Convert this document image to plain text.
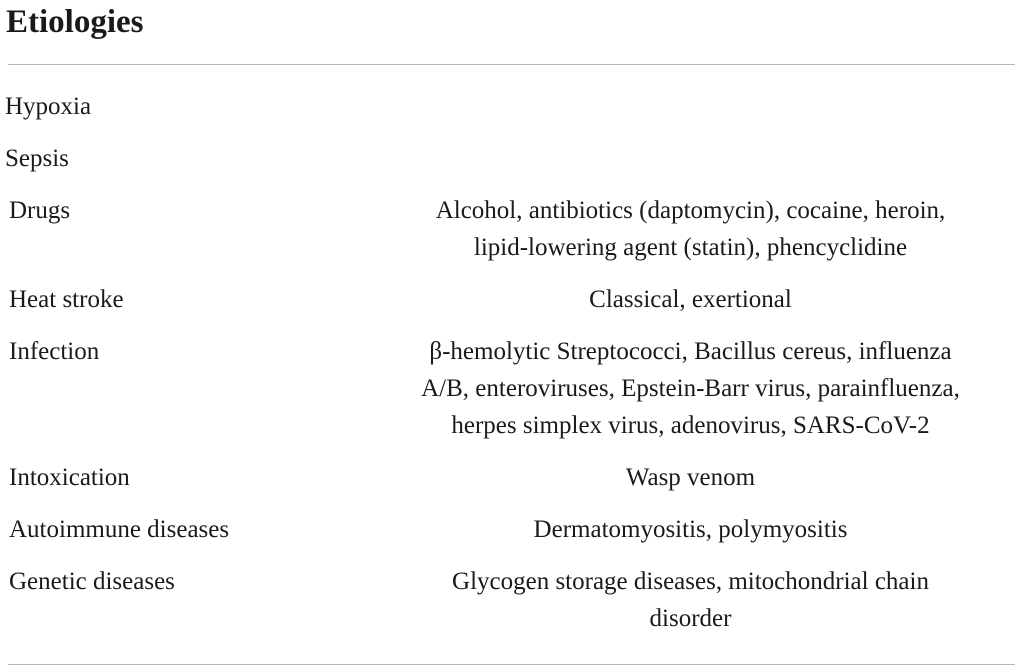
Etiologies
Hypoxia
Sepsis
Drugs	Alcohol, antibiotics (daptomycin), cocaine, heroin,
lipid-lowering agent (statin), phencyclidine
Heat stroke	Classical, exertional
Infection	β-hemolytic Streptococci, Bacillus cereus, influenza
A/B, enteroviruses, Epstein-Barr virus, parainfluenza,
herpes simplex virus, adenovirus, SARS-CoV-2
Intoxication	Wasp venom
Autoimmune diseases	Dermatomyositis, polymyositis
Genetic diseases	Glycogen storage diseases, mitochondrial chain
disorder
